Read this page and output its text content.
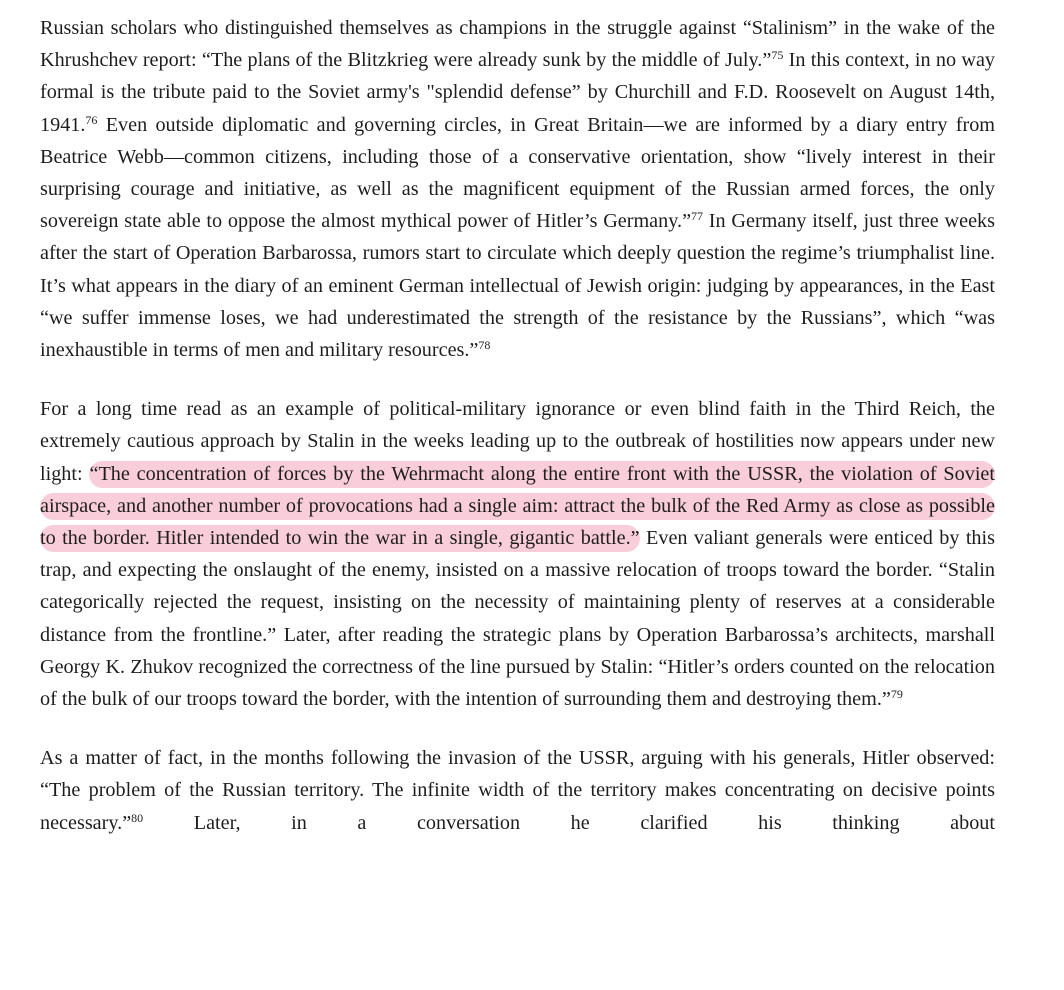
Russian scholars who distinguished themselves as champions in the struggle against “Stalinism” in the wake of the Khrushchev report: “The plans of the Blitzkrieg were already sunk by the middle of July.”$^{75}$ In this context, in no way formal is the tribute paid to the Soviet army's "splendid defense” by Churchill and F.D. Roosevelt on August 14th, 1941.76 Even outside diplomatic and governing circles, in Great Britain—we are informed by a diary entry from Beatrice Webb—common citizens, including those of a conservative orientation, show “lively interest in their surprising courage and initiative, as well as the magnificent equipment of the Russian armed forces, the only sovereign state able to oppose the almost mythical power of Hitler’s Germany.”$^{77}$ In Germany itself, just three weeks after the start of Operation Barbarossa, rumors start to circulate which deeply question the regime’s triumphalist line. It’s what appears in the diary of an eminent German intellectual of Jewish origin: judging by appearances, in the East “we suffer immense loses, we had underestimated the strength of the resistance by the Russians”, which “was inexhaustible in terms of men and military resources.”$^{78}$

For a long time read as an example of political-military ignorance or even blind faith in the Third Reich, the extremely cautious approach by Stalin in the weeks leading up to the outbreak of hostilities now appears under new light: “The concentration of forces by the Wehrmacht along the entire front with the USSR, the violation of Soviet airspace, and another number of provocations had a single aim: attract the bulk of the Red Army as close as possible to the border. Hitler intended to win the war in a single, gigantic battle.” Even valiant generals were enticed by this trap, and expecting the onslaught of the enemy, insisted on a massive relocation of troops toward the border. “Stalin categorically rejected the request, insisting on the necessity of maintaining plenty of reserves at a considerable distance from the frontline.” Later, after reading the strategic plans by Operation Barbarossa’s architects, marshall Georgy K. Zhukov recognized the correctness of the line pursued by Stalin: “Hitler’s orders counted on the relocation of the bulk of our troops toward the border, with the intention of surrounding them and destroying them.”$^{79}$

As a matter of fact, in the months following the invasion of the USSR, arguing with his generals, Hitler observed: “The problem of the Russian territory. The infinite width of the territory makes concentrating on decisive points necessary.”$^{80}$ Later, in a conversation he clarified his thinking about
